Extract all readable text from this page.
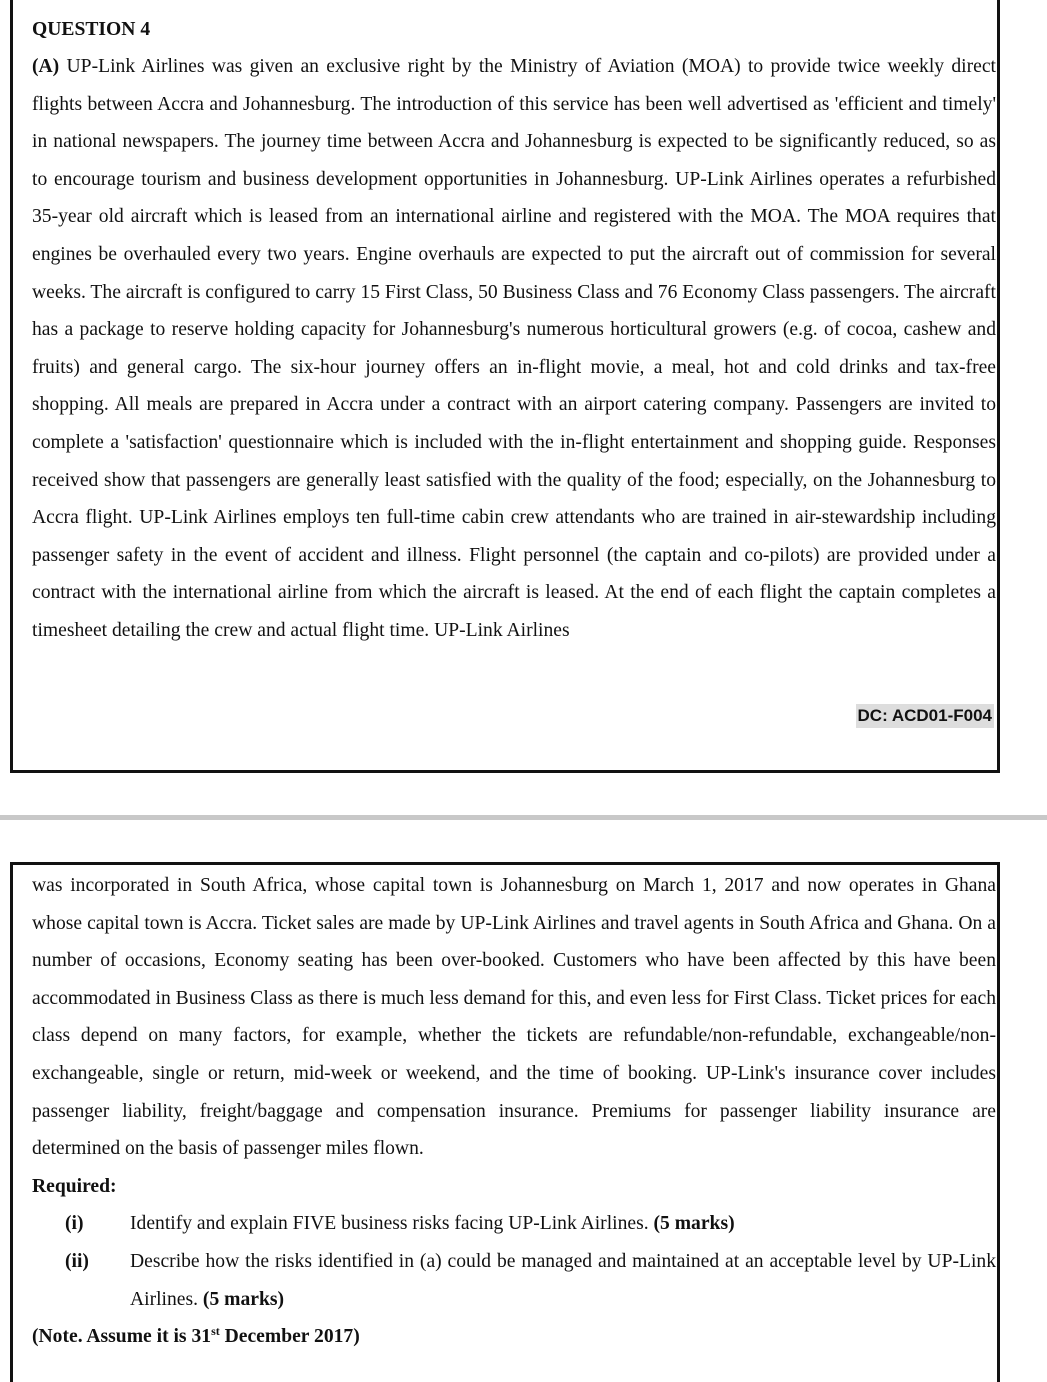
QUESTION 4
(A) UP-Link Airlines was given an exclusive right by the Ministry of Aviation (MOA) to provide twice weekly direct flights between Accra and Johannesburg. The introduction of this service has been well advertised as 'efficient and timely' in national newspapers. The journey time between Accra and Johannesburg is expected to be significantly reduced, so as to encourage tourism and business development opportunities in Johannesburg. UP-Link Airlines operates a refurbished 35-year old aircraft which is leased from an international airline and registered with the MOA. The MOA requires that engines be overhauled every two years. Engine overhauls are expected to put the aircraft out of commission for several weeks. The aircraft is configured to carry 15 First Class, 50 Business Class and 76 Economy Class passengers. The aircraft has a package to reserve holding capacity for Johannesburg's numerous horticultural growers (e.g. of cocoa, cashew and fruits) and general cargo. The six-hour journey offers an in-flight movie, a meal, hot and cold drinks and tax-free shopping. All meals are prepared in Accra under a contract with an airport catering company. Passengers are invited to complete a 'satisfaction' questionnaire which is included with the in-flight entertainment and shopping guide. Responses received show that passengers are generally least satisfied with the quality of the food; especially, on the Johannesburg to Accra flight. UP-Link Airlines employs ten full-time cabin crew attendants who are trained in air-stewardship including passenger safety in the event of accident and illness. Flight personnel (the captain and co-pilots) are provided under a contract with the international airline from which the aircraft is leased. At the end of each flight the captain completes a timesheet detailing the crew and actual flight time. UP-Link Airlines
DC: ACD01-F004
was incorporated in South Africa, whose capital town is Johannesburg on March 1, 2017 and now operates in Ghana whose capital town is Accra. Ticket sales are made by UP-Link Airlines and travel agents in South Africa and Ghana. On a number of occasions, Economy seating has been over-booked. Customers who have been affected by this have been accommodated in Business Class as there is much less demand for this, and even less for First Class. Ticket prices for each class depend on many factors, for example, whether the tickets are refundable/non-refundable, exchangeable/non-exchangeable, single or return, mid-week or weekend, and the time of booking. UP-Link's insurance cover includes passenger liability, freight/baggage and compensation insurance. Premiums for passenger liability insurance are determined on the basis of passenger miles flown.
Required:
(i) Identify and explain FIVE business risks facing UP-Link Airlines. (5 marks)
(ii) Describe how the risks identified in (a) could be managed and maintained at an acceptable level by UP-Link Airlines. (5 marks)
(Note. Assume it is 31st December 2017)
